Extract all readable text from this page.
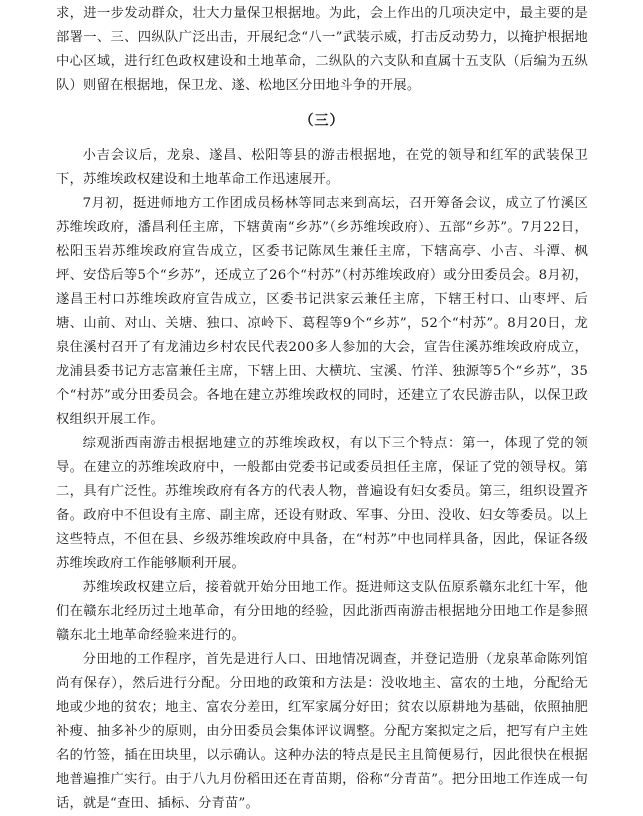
求，进一步发动群众，壮大力量保卫根据地。为此，会上作出的几项决定中，最主要的是部署一、三、四纵队广泛出击，开展纪念“八一”武装示威，打击反动势力，以掩护根据地中心区域，进行红色政权建设和土地革命，二纵队的六支队和直属十五支队（后编为五纵队）则留在根据地，保卫龙、遂、松地区分田地斗争的开展。

（三）

小吉会议后，龙泉、遂昌、松阳等县的游击根据地，在党的领导和红军的武装保卫下，苏维埃政权建设和土地革命工作迅速展开。

7月初，挺进师地方工作团成员杨林等同志来到高坛，召开筹备会议，成立了竹溪区苏维埃政府，潘昌利任主席，下辖黄南“乡苏”（乡苏维埃政府）、五部“乡苏”。7月22日，松阳玉岩苏维埃政府宣告成立，区委书记陈凤生兼任主席，下辖高亭、小吉、斗潭、枫坪、安岱后等5个“乡苏”，还成立了26个“村苏”（村苏维埃政府）或分田委员会。8月初，遂昌王村口苏维埃政府宣告成立，区委书记洪家云兼任主席，下辖王村口、山枣坪、后塘、山前、对山、关塘、独口、凉岭下、葛程等9个“乡苏”，52个“村苏”。8月20日，龙泉住溪村召开了有龙浦边乡村农民代表200多人参加的大会，宣告住溪苏维埃政府成立，龙浦县委书记方志富兼任主席，下辖上田、大横坑、宝溪、竹洋、独源等5个“乡苏”，35个“村苏”或分田委员会。各地在建立苏维埃政权的同时，还建立了农民游击队，以保卫政权组织开展工作。

综观浙西南游击根据地建立的苏维埃政权，有以下三个特点：第一，体现了党的领导。在建立的苏维埃政府中，一般都由党委书记或委员担任主席，保证了党的领导权。第二，具有广泛性。苏维埃政府有各方的代表人物，普遍设有妇女委员。第三，组织设置齐备。政府中不但设有主席、副主席，还设有财政、军事、分田、没收、妇女等委员。以上这些特点，不但在县、乡级苏维埃政府中具备，在“村苏”中也同样具备，因此，保证各级苏维埃政府工作能够顺利开展。

苏维埃政权建立后，接着就开始分田地工作。挺进师这支队伍原系赣东北红十军，他们在赣东北经历过土地革命，有分田地的经验，因此浙西南游击根据地分田地工作是参照赣东北土地革命经验来进行的。

分田地的工作程序，首先是进行人口、田地情况调查，并登记造册（龙泉革命陈列馆尚有保存），然后进行分配。分田地的政策和方法是：没收地主、富农的土地，分配给无地或少地的贫农；地主、富农分差田，红军家属分好田；贫农以原耕地为基础，依照抽肥补瘦、抽多补少的原则，由分田委员会集体评议调整。分配方案拟定之后，把写有户主姓名的竹签，插在田块里，以示确认。这种办法的特点是民主且简便易行，因此很快在根据地普遍推广实行。由于八九月份稻田还在青苗期，俗称“分青苗”。把分田地工作连成一句话，就是“查田、插标、分青苗”。
